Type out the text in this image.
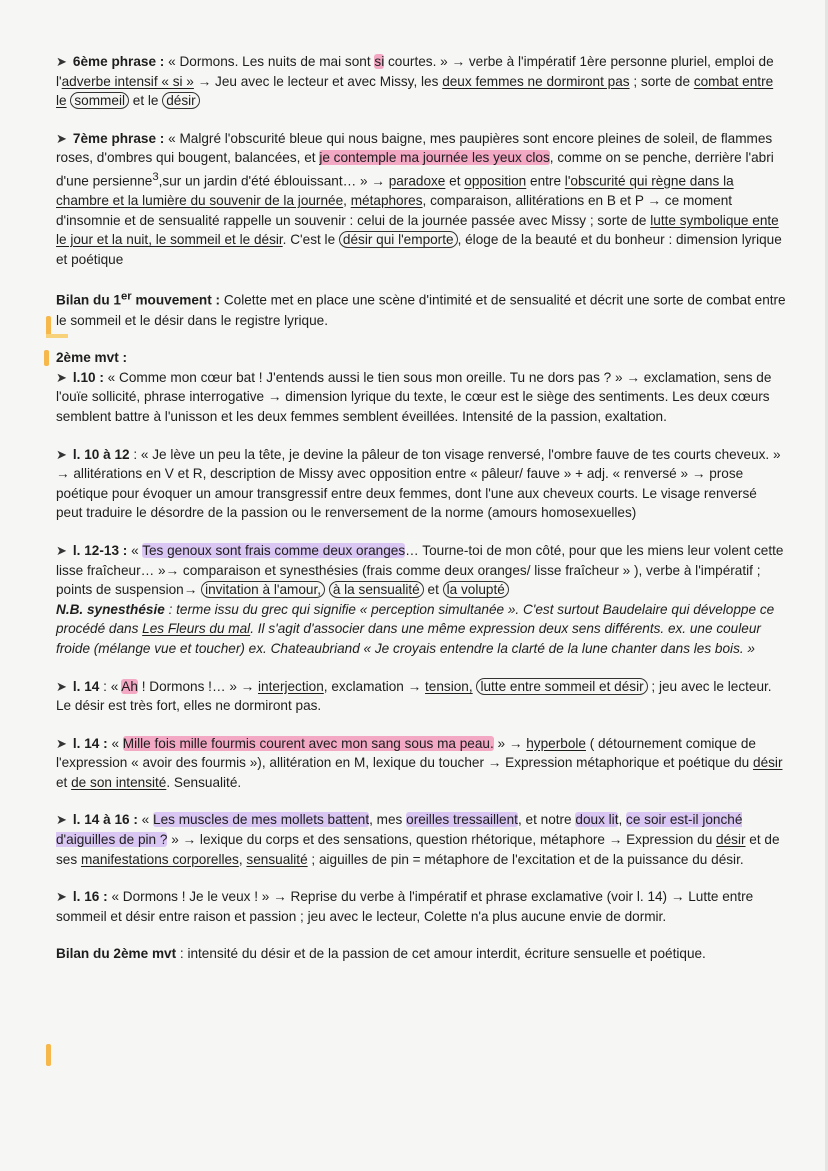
➤ 6ème phrase : « Dormons. Les nuits de mai sont si courtes. » → verbe à l'impératif 1ère personne pluriel, emploi de l'adverbe intensif « si » → Jeu avec le lecteur et avec Missy, les deux femmes ne dormiront pas ; sorte de combat entre le sommeil et le désir

➤ 7ème phrase : « Malgré l'obscurité bleue qui nous baigne, mes paupières sont encore pleines de soleil, de flammes roses, d'ombres qui bougent, balancées, et je contemple ma journée les yeux clos, comme on se penche, derrière l'abri d'une persienne$^3$,sur un jardin d'été éblouissant… » → paradoxe et opposition entre l'obscurité qui règne dans la chambre et la lumière du souvenir de la journée, métaphores, comparaison, allitérations en B et P → ce moment d'insomnie et de sensualité rappelle un souvenir : celui de la journée passée avec Missy ; sorte de lutte symbolique ente le jour et la nuit, le sommeil et le désir. C'est le désir qui l'emporte , éloge de la beauté et du bonheur : dimension lyrique et poétique

Bilan du 1er mouvement : Colette met en place une scène d'intimité et de sensualité et décrit une sorte de combat entre le sommeil et le désir dans le registre lyrique.

2ème mvt :

➤ l.10 : « Comme mon cœur bat ! J'entends aussi le tien sous mon oreille. Tu ne dors pas ? » → exclamation, sens de l'ouïe sollicité, phrase interrogative → dimension lyrique du texte, le cœur est le siège des sentiments. Les deux cœurs semblent battre à l'unisson et les deux femmes semblent éveillées. Intensité de la passion, exaltation.

➤ l. 10 à 12 : « Je lève un peu la tête, je devine la pâleur de ton visage renversé, l'ombre fauve de tes courts cheveux. » → allitérations en V et R, description de Missy avec opposition entre « pâleur/ fauve » + adj. « renversé » → prose poétique pour évoquer un amour transgressif entre deux femmes, dont l'une aux cheveux courts. Le visage renversé peut traduire le désordre de la passion ou le renversement de la norme (amours homosexuelles)

➤ l. 12-13 : « Tes genoux sont frais comme deux oranges… Tourne-toi de mon côté, pour que les miens leur volent cette lisse fraîcheur… »→ comparaison et synesthésies (frais comme deux oranges/ lisse fraîcheur » ), verbe à l'impératif ; points de suspension→ invitation à l'amour, à la sensualité et la volupté
N.B. synesthésie : terme issu du grec qui signifie « perception simultanée ». C'est surtout Baudelaire qui développe ce procédé dans Les Fleurs du mal. Il s'agit d'associer dans une même expression deux sens différents. ex. une couleur froide (mélange vue et toucher) ex. Chateaubriand « Je croyais entendre la clarté de la lune chanter dans les bois. »

➤ l. 14 : « Ah ! Dormons !… » → interjection, exclamation → tension, lutte entre sommeil et désir ; jeu avec le lecteur. Le désir est très fort, elles ne dormiront pas.

➤ l. 14 : « Mille fois mille fourmis courent avec mon sang sous ma peau. » → hyperbole ( détournement comique de l'expression « avoir des fourmis »), allitération en M, lexique du toucher → Expression métaphorique et poétique du désir et de son intensité. Sensualité.

➤ l. 14 à 16 : « Les muscles de mes mollets battent, mes oreilles tressaillent, et notre doux lit, ce soir est-il jonché d'aiguilles de pin ? » → lexique du corps et des sensations, question rhétorique, métaphore → Expression du désir et de ses manifestations corporelles, sensualité ; aiguilles de pin = métaphore de l'excitation et de la puissance du désir.

➤ l. 16 : « Dormons ! Je le veux ! » → Reprise du verbe à l'impératif et phrase exclamative (voir l. 14) → Lutte entre sommeil et désir entre raison et passion ; jeu avec le lecteur, Colette n'a plus aucune envie de dormir.

Bilan du 2ème mvt : intensité du désir et de la passion de cet amour interdit, écriture sensuelle et poétique.
